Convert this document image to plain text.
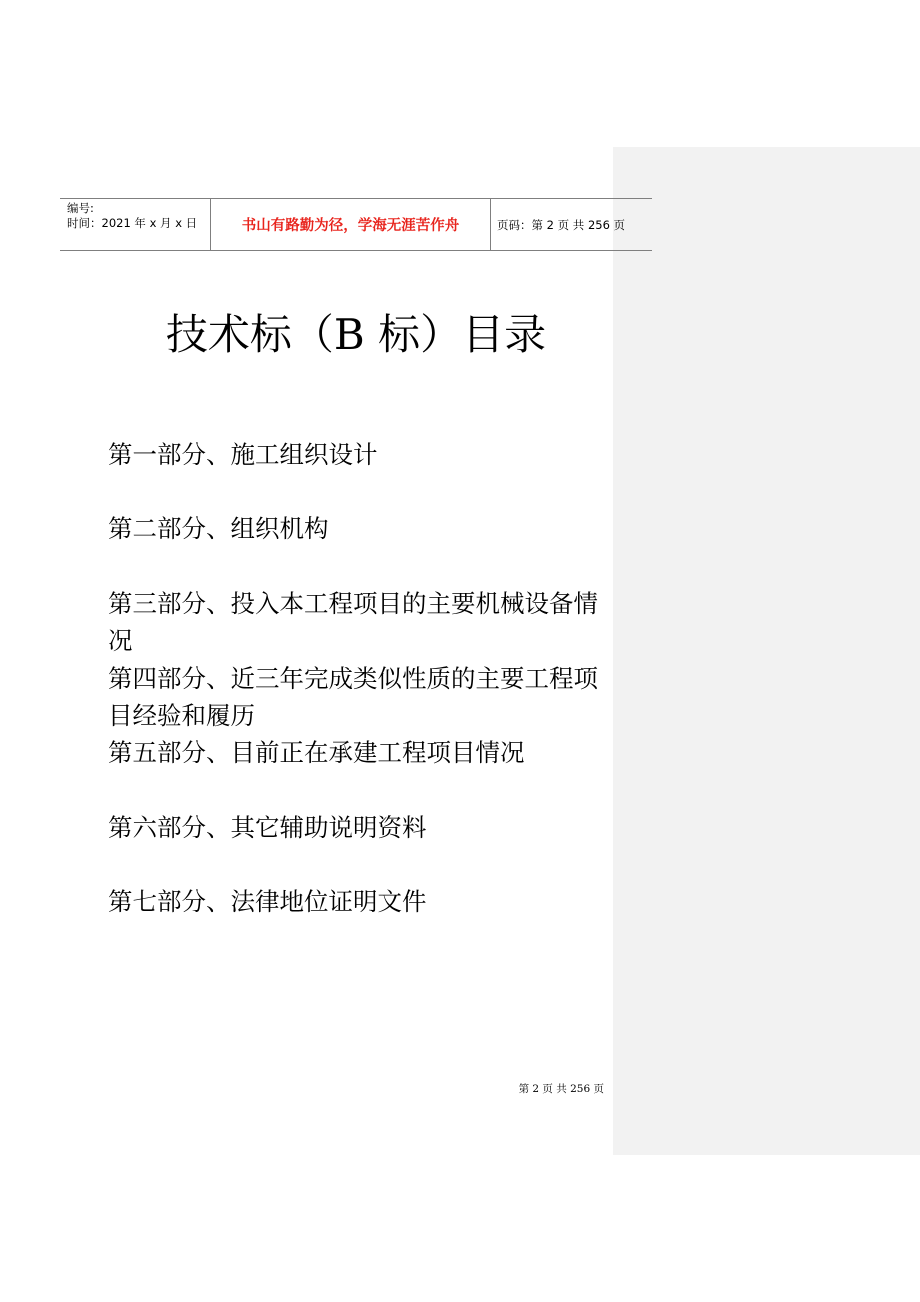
编号:
时间：2021 年 x 月 x 日	书山有路勤为径，学海无涯苦作舟	页码：第 2 页 共 256 页
技术标（B 标）目录
第一部分、施工组织设计
第二部分、组织机构
第三部分、投入本工程项目的主要机械设备情况
第四部分、近三年完成类似性质的主要工程项目经验和履历
第五部分、目前正在承建工程项目情况
第六部分、其它辅助说明资料
第七部分、法律地位证明文件
第 2 页 共 256 页
